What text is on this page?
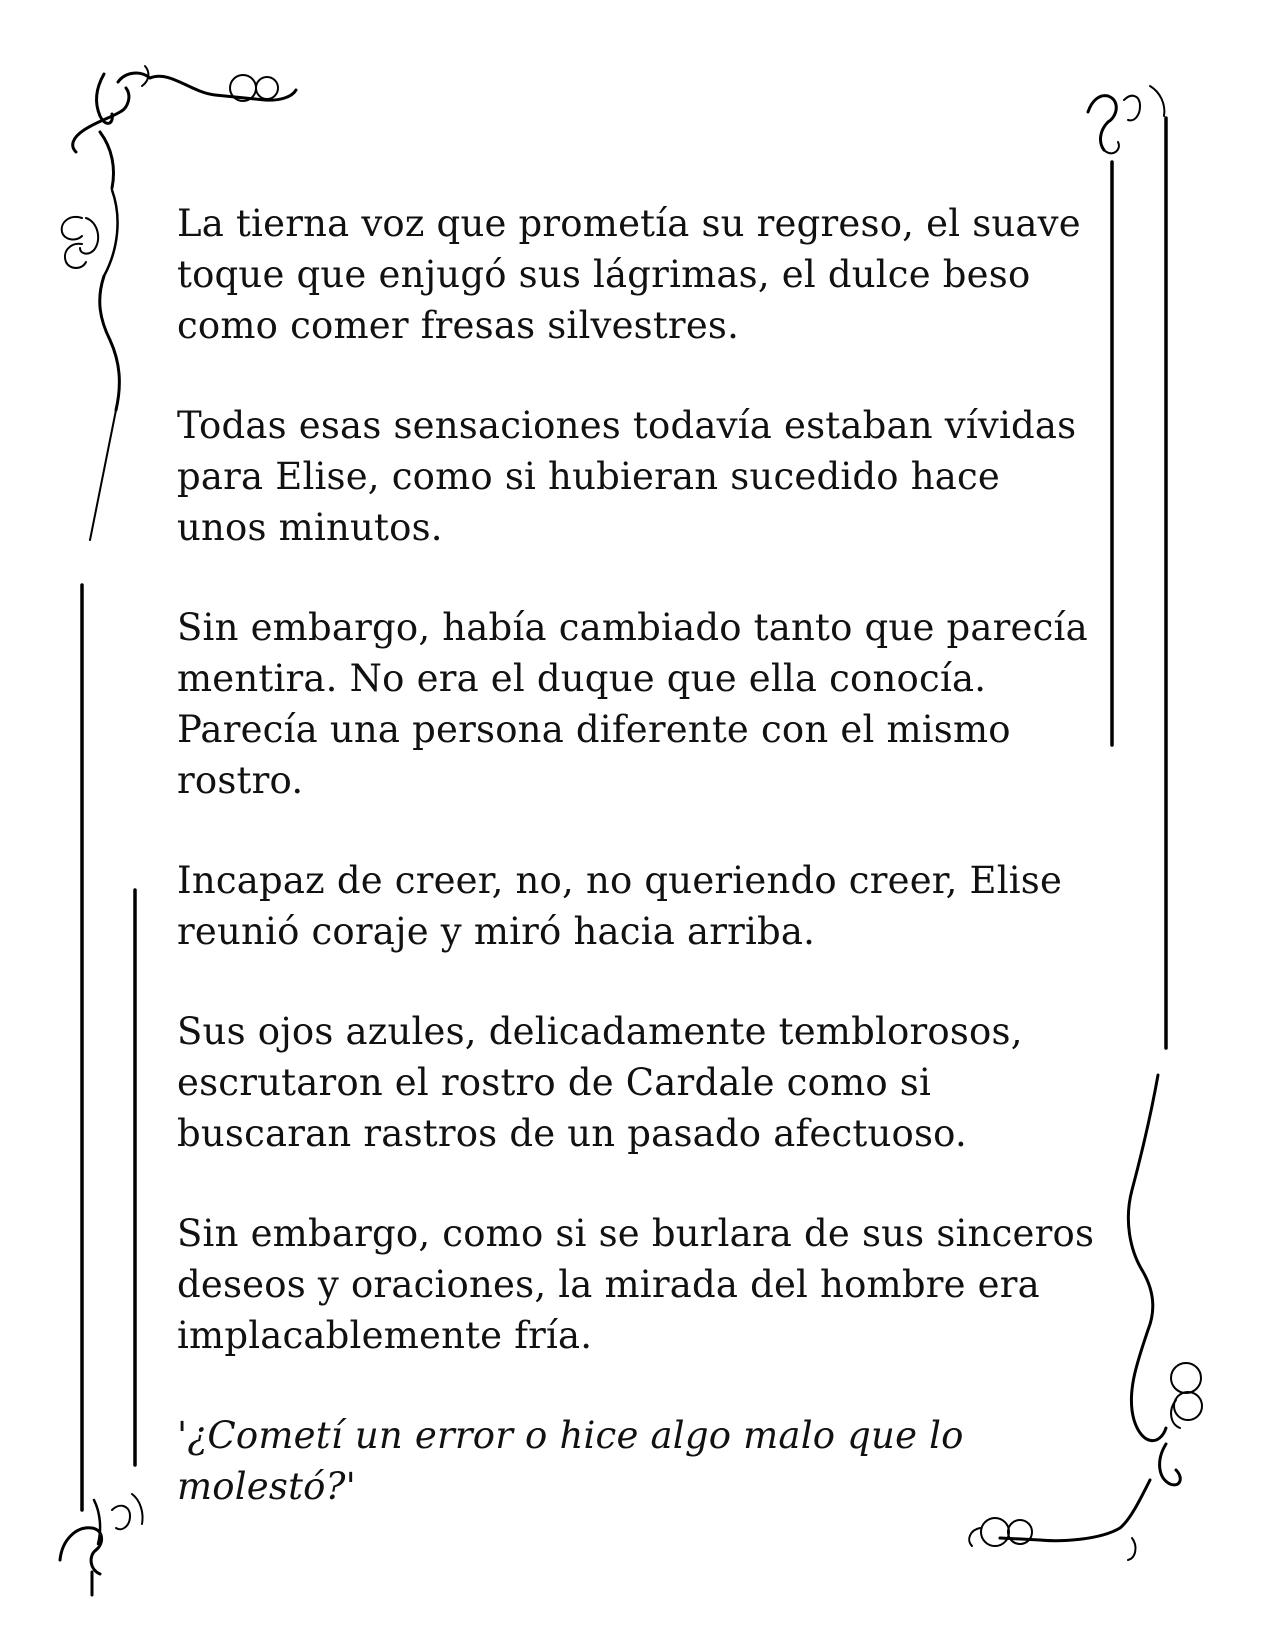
La tierna voz que prometía su regreso, el suave
toque que enjugó sus lágrimas, el dulce beso
como comer fresas silvestres.

Todas esas sensaciones todavía estaban vívidas
para Elise, como si hubieran sucedido hace
unos minutos.

Sin embargo, había cambiado tanto que parecía
mentira. No era el duque que ella conocía.
Parecía una persona diferente con el mismo
rostro.

Incapaz de creer, no, no queriendo creer, Elise
reunió coraje y miró hacia arriba.

Sus ojos azules, delicadamente temblorosos,
escrutaron el rostro de Cardale como si
buscaran rastros de un pasado afectuoso.

Sin embargo, como si se burlara de sus sinceros
deseos y oraciones, la mirada del hombre era
implacablemente fría.

'¿Cometí un error o hice algo malo que lo
molestó?'
